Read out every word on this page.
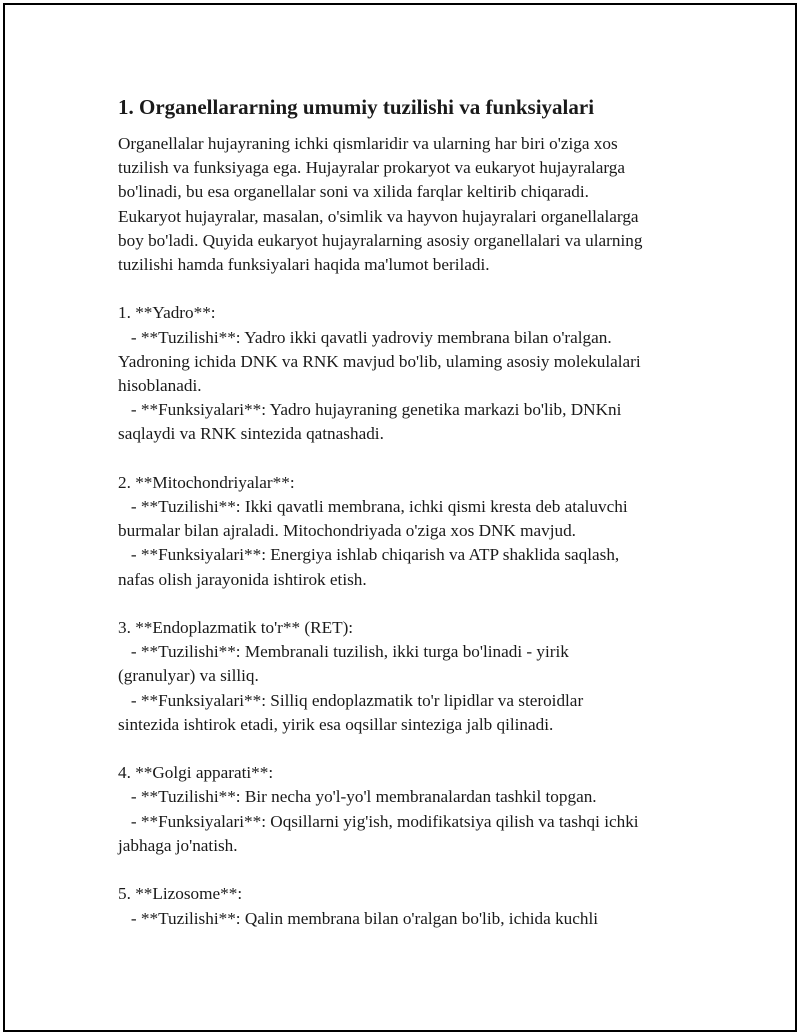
1. Organellararning umumiy tuzilishi va funksiyalari

Organellalar hujayraning ichki qismlaridir va ularning har biri o'ziga xos
tuzilish va funksiyaga ega. Hujayralar prokaryot va eukaryot hujayralarga
bo'linadi, bu esa organellalar soni va xilida farqlar keltirib chiqaradi.
Eukaryot hujayralar, masalan, o'simlik va hayvon hujayralari organellalarga
boy bo'ladi. Quyida eukaryot hujayralarning asosiy organellalari va ularning
tuzilishi hamda funksiyalari haqida ma'lumot beriladi.

1. **Yadro**:
- **Tuzilishi**: Yadro ikki qavatli yadroviy membrana bilan o'ralgan.
Yadroning ichida DNK va RNK mavjud bo'lib, ulaming asosiy molekulalari
hisoblanadi.
- **Funksiyalari**: Yadro hujayraning genetika markazi bo'lib, DNKni
saqlaydi va RNK sintezida qatnashadi.

2. **Mitochondriyalar**:
- **Tuzilishi**: Ikki qavatli membrana, ichki qismi kresta deb ataluvchi
burmalar bilan ajraladi. Mitochondriyada o'ziga xos DNK mavjud.
- **Funksiyalari**: Energiya ishlab chiqarish va ATP shaklida saqlash,
nafas olish jarayonida ishtirok etish.

3. **Endoplazmatik to'r** (RET):
- **Tuzilishi**: Membranali tuzilish, ikki turga bo'linadi - yirik
(granulyar) va silliq.
- **Funksiyalari**: Silliq endoplazmatik to'r lipidlar va steroidlar
sintezida ishtirok etadi, yirik esa oqsillar sinteziga jalb qilinadi.

4. **Golgi apparati**:
- **Tuzilishi**: Bir necha yo'l-yo'l membranalardan tashkil topgan.
- **Funksiyalari**: Oqsillarni yig'ish, modifikatsiya qilish va tashqi ichki
jabhaga jo'natish.

5. **Lizosome**:
- **Tuzilishi**: Qalin membrana bilan o'ralgan bo'lib, ichida kuchli
